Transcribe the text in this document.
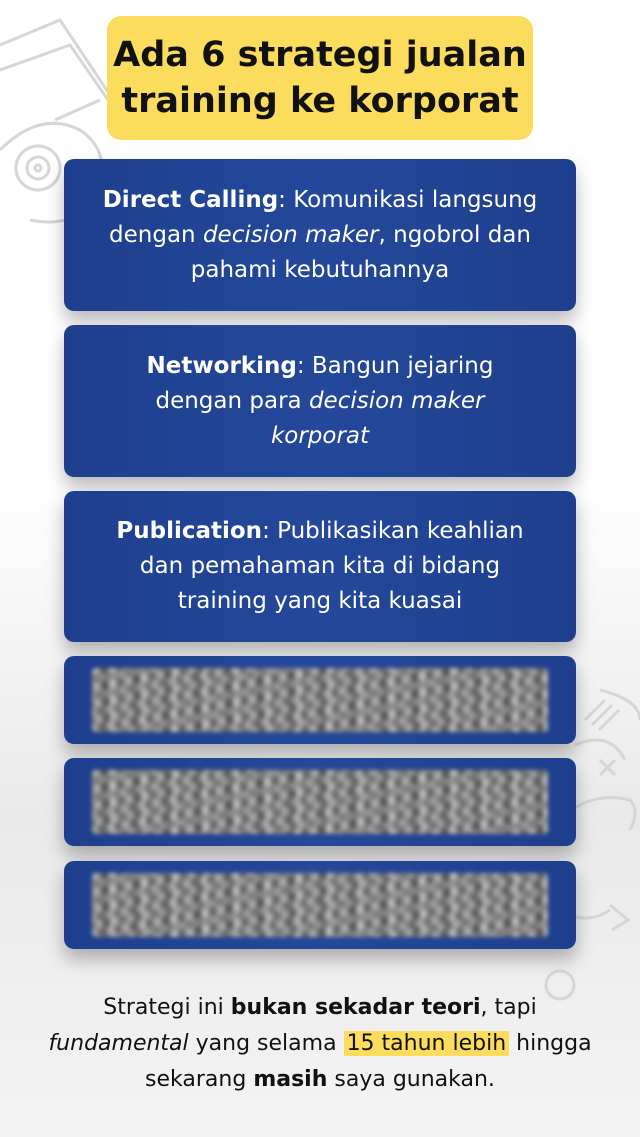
Ada 6 strategi jualan
training ke korporat
Direct Calling: Komunikasi langsung dengan decision maker, ngobrol dan pahami kebutuhannya
Networking: Bangun jejaring dengan para decision maker korporat
Publication: Publikasikan keahlian dan pemahaman kita di bidang training yang kita kuasai
Strategi ini bukan sekadar teori, tapi fundamental yang selama 15 tahun lebih hingga sekarang masih saya gunakan.
